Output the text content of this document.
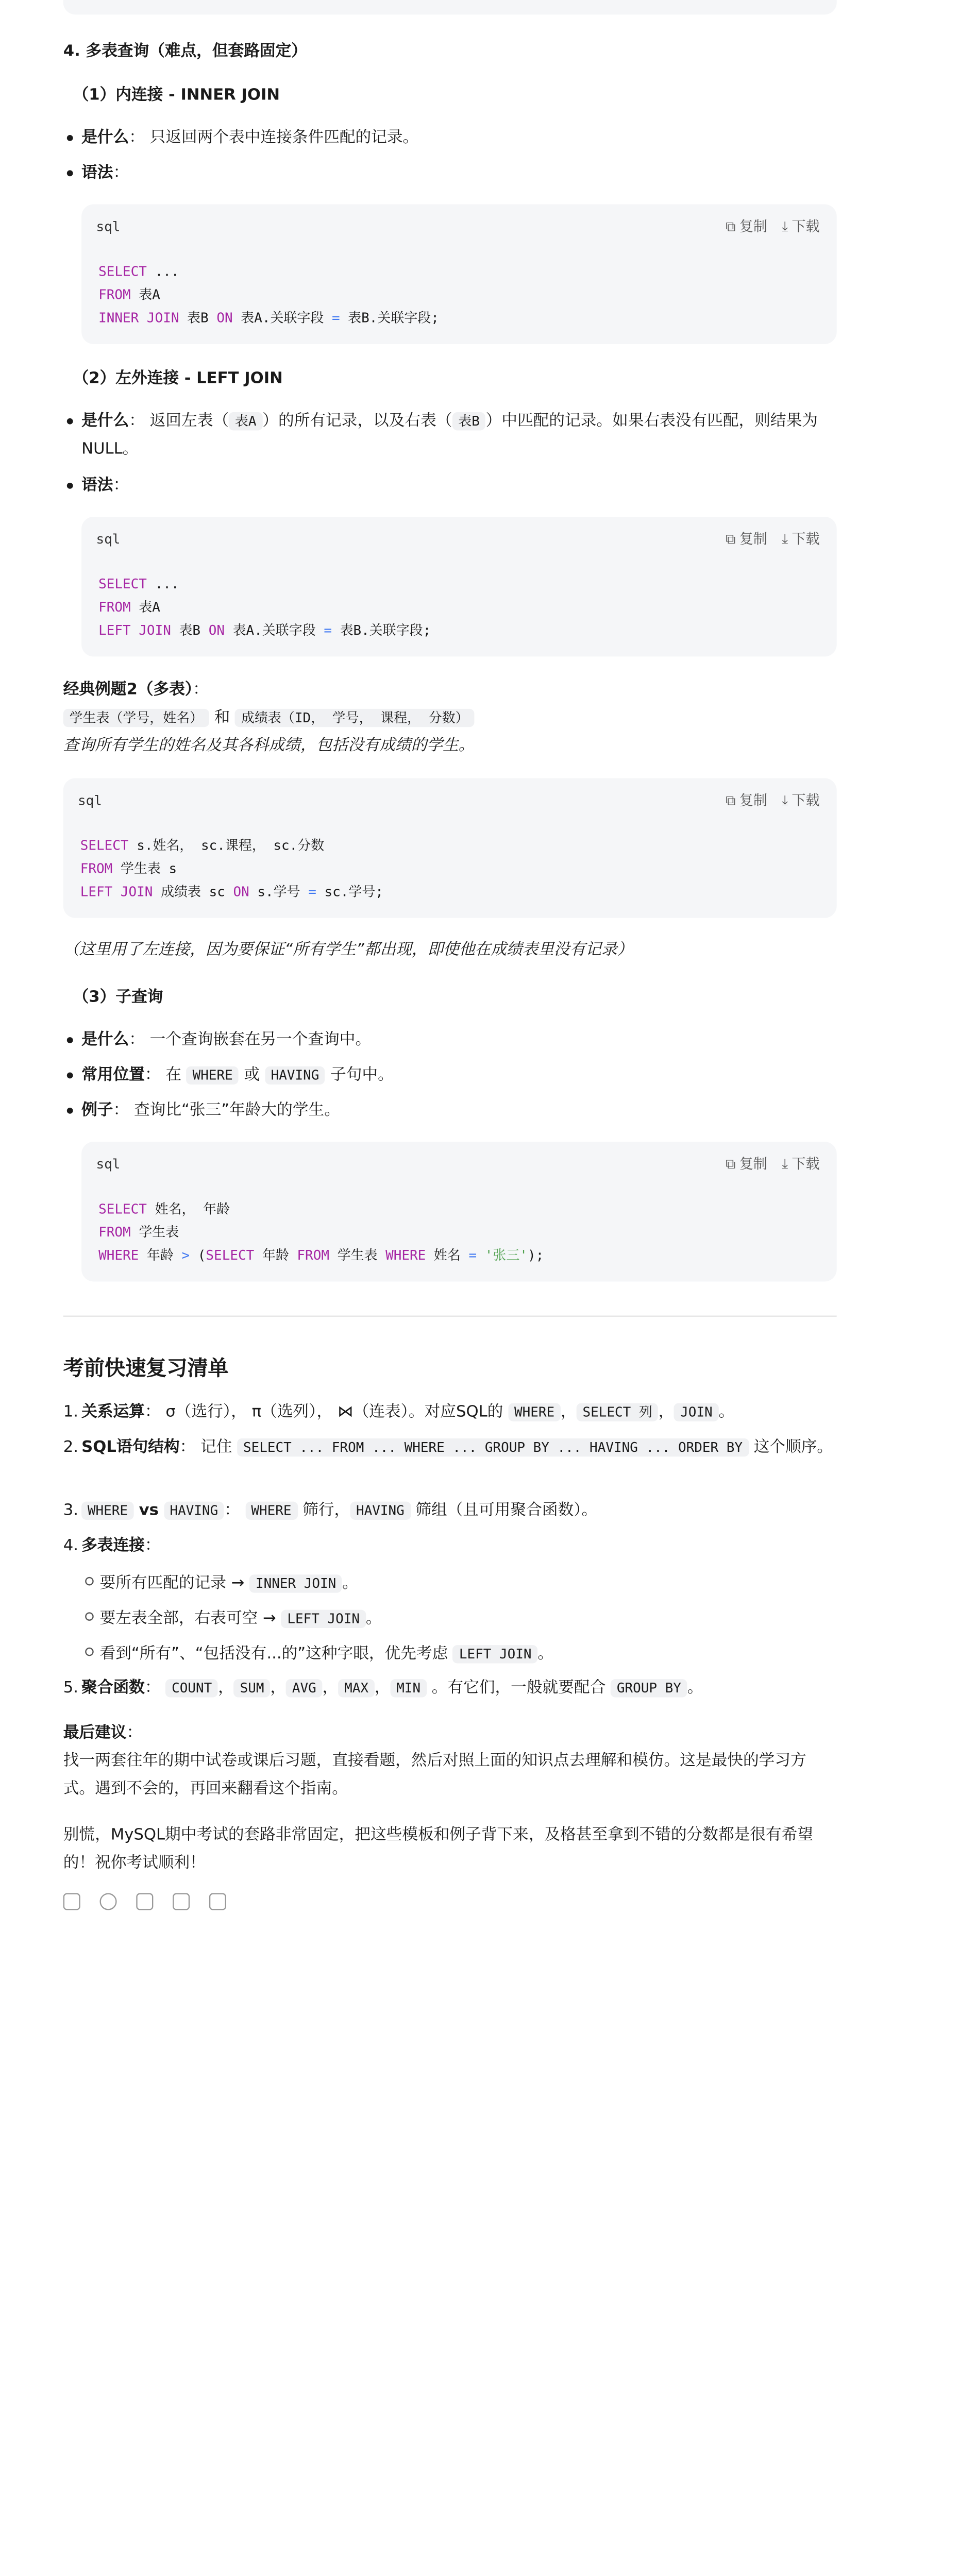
4. 多表查询（难点，但套路固定）
（1）内连接 - INNER JOIN
是什么： 只返回两个表中连接条件匹配的记录。
语法：
sql	⧉ 复制 ⤓ 下载
SELECT ...
FROM 表A
INNER JOIN 表B ON 表A.关联字段 = 表B.关联字段;
（2）左外连接 - LEFT JOIN
是什么： 返回左表（ 表A ）的所有记录，以及右表（ 表B ）中匹配的记录。如果右表没有匹配，则结果为NULL。
语法：
sql	⧉ 复制 ⤓ 下载
SELECT ...
FROM 表A
LEFT JOIN 表B ON 表A.关联字段 = 表B.关联字段;
经典例题2（多表）：
学生表（学号，姓名） 和 成绩表（ID， 学号， 课程， 分数）
查询所有学生的姓名及其各科成绩，包括没有成绩的学生。
sql	⧉ 复制 ⤓ 下载
SELECT s.姓名， sc.课程， sc.分数
FROM 学生表 s
LEFT JOIN 成绩表 sc ON s.学号 = sc.学号;
（这里用了左连接，因为要保证“所有学生”都出现，即使他在成绩表里没有记录）
（3）子查询
是什么： 一个查询嵌套在另一个查询中。
常用位置： 在 WHERE 或 HAVING 子句中。
例子： 查询比“张三”年龄大的学生。
sql	⧉ 复制 ⤓ 下载
SELECT 姓名， 年龄
FROM 学生表
WHERE 年龄 > (SELECT 年龄 FROM 学生表 WHERE 姓名 = '张三');
考前快速复习清单
1. 关系运算： σ（选行）， π（选列）， ⋈（连表）。对应SQL的 WHERE ， SELECT 列 ， JOIN 。
2. SQL语句结构： 记住 SELECT ... FROM ... WHERE ... GROUP BY ... HAVING ... ORDER BY 这个顺序。
3.	WHERE vs HAVING ： WHERE 筛行， HAVING 筛组（且可用聚合函数）。
4. 多表连接：
要所有匹配的记录 → INNER JOIN 。
要左表全部，右表可空 → LEFT JOIN 。
看到“所有”、“包括没有...的”这种字眼，优先考虑 LEFT JOIN 。
5. 聚合函数： COUNT ， SUM ， AVG ， MAX ， MIN 。有它们，一般就要配合 GROUP BY 。
最后建议：
找一两套往年的期中试卷或课后习题，直接看题，然后对照上面的知识点去理解和模仿。这是最快的学习方式。遇到不会的，再回来翻看这个指南。
别慌，MySQL期中考试的套路非常固定，把这些模板和例子背下来，及格甚至拿到不错的分数都是很有希望的！祝你考试顺利！
